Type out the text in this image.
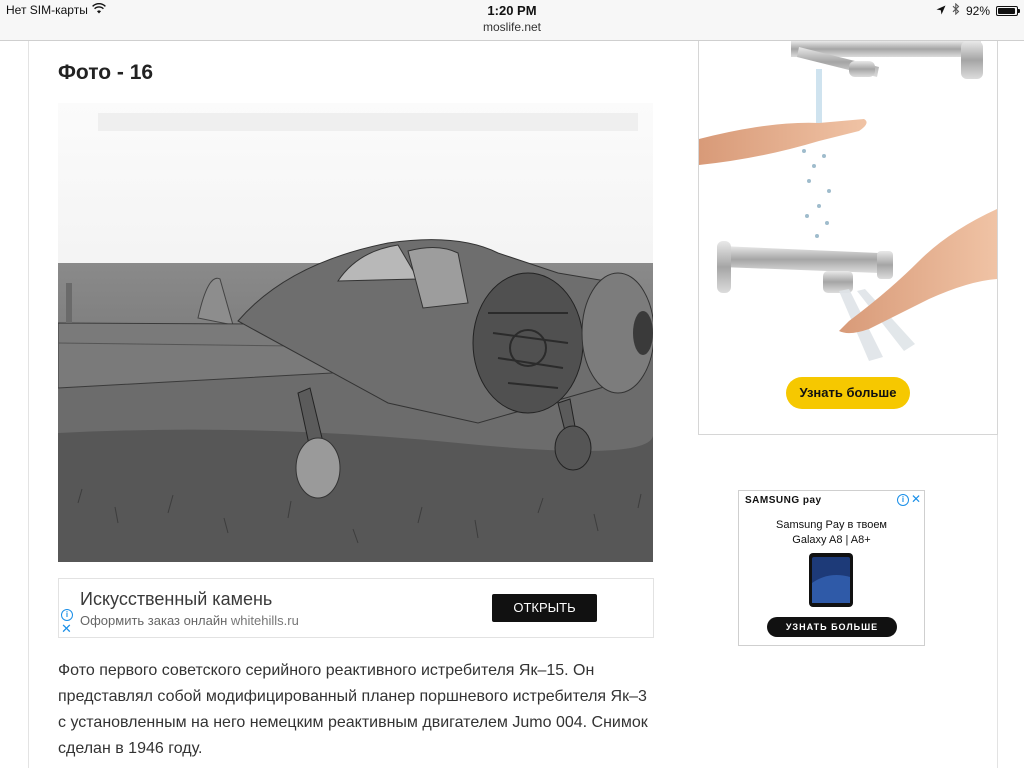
Нет SIM-карты	1:20 PM
moslife.net
92%
Фото - 16
Искусственный камень
Оформить заказ онлайн whitehills.ru
ОТКРЫТЬ
i
✕

Фото первого советского серийного реактивного истребителя Як–15. Он представлял собой модифицированный планер поршневого истребителя Як–3 с установленным на него немецким реактивным двигателем Jumo 004. Снимок сделан в 1946 году.

Узнать больше
SAMSUNG pay	i ✕
Samsung Pay в твоем
Galaxy A8 | A8+
УЗНАТЬ БОЛЬШЕ
